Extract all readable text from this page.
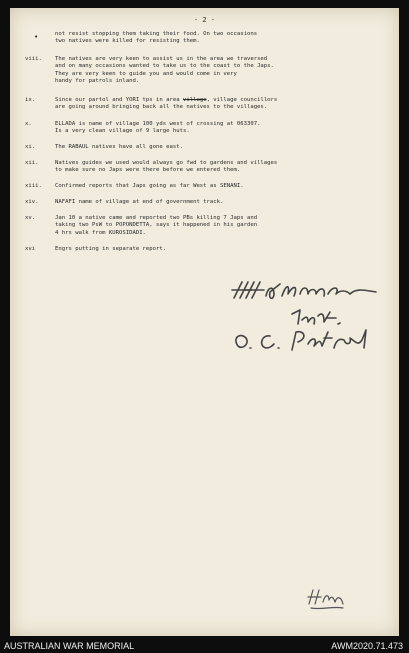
- 2 -
•	not resist stopping them taking their food. On two occasions
two natives were killed for resisting them.
viii. The natives are very keen to assist us in the area we traversed
and on many occasions wanted to take us to the coast to the Japs.
They are very keen to guide you and would come in very
handy for patrols inland.
ix.	Since our partol and YORI tps in area village, village councillors
are going around bringing back all the natives to the villages.
x.	ELLADA is name of village 100 yds west of crossing at 063307.
Is a very clean village of 9 large huts.
xi.	The RABAUL natives have all gone east.
xii.	Natives guides we used would always go fwd to gardens and villages
to make sure no Japs were there before we entered them.
xiii. Confirmed reports that Japs going as far West as SENANI.
xiv.	NAFAFI name of village at end of government track.
xv.	Jan 10 a native came and reported two PBs killing 7 Japs and
taking two PsW to POPONDETTA, says it happened in his garden
4 hrs walk from KUROSIDADI.
xvi	Engrs putting in separate report.
AUSTRALIAN WAR MEMORIAL	AWM2020.71.473
